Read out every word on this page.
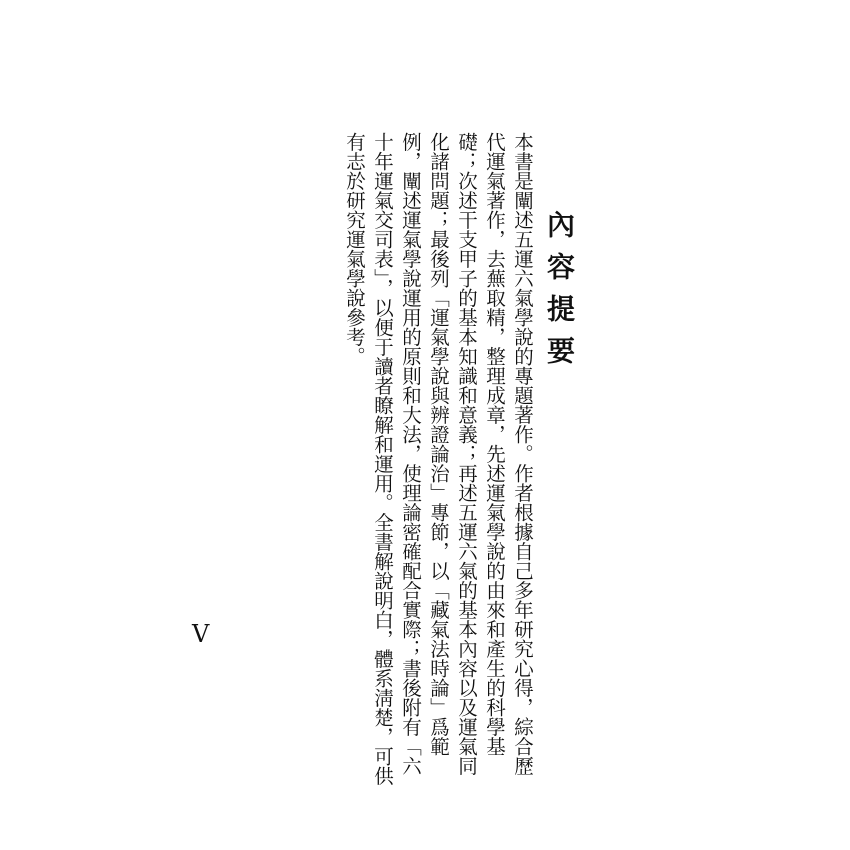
內容提要

本書是闡述五運六氣學說的專題著作。作者根據自己多年研究心得，綜合歷代運氣著作，去蕪取精，整理成章，先述運氣學說的由來和產生的科學基礎；次述干支甲子的基本知識和意義；再述五運六氣的基本內容以及運氣同化諸問題；最後列「運氣學說與辨證論治」專節，以「藏氣法時論」爲範例，闡述運氣學說運用的原則和大法，使理論密確配合實際；書後附有「六十年運氣交司表」，以便于讀者瞭解和運用。全書解說明白，體系淸楚，可供有志於研究運氣學說參考。

V
